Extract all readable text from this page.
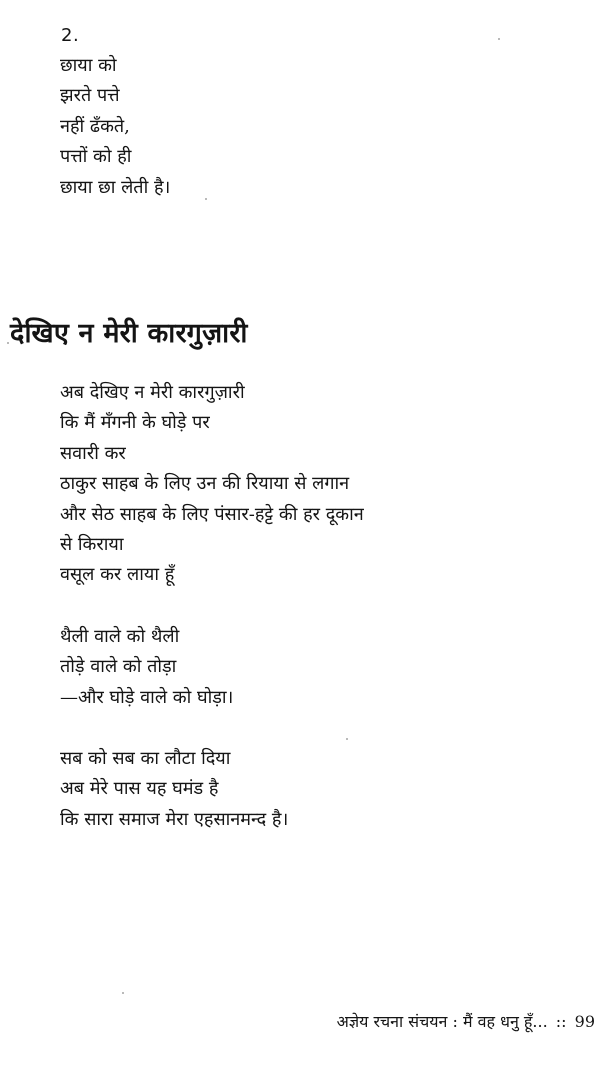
2.
छाया को
झरते पत्ते
नहीं ढँकते,
पत्तों को ही
छाया छा लेती है।
देखिए न मेरी कारगुज़ारी
अब देखिए न मेरी कारगुज़ारी
कि मैं मँगनी के घोड़े पर
सवारी कर
ठाकुर साहब के लिए उन की रियाया से लगान
और सेठ साहब के लिए पंसार-हट्टे की हर दूकान
से किराया
वसूल कर लाया हूँ
थैली वाले को थैली
तोड़े वाले को तोड़ा
—और घोड़े वाले को घोड़ा।
सब को सब का लौटा दिया
अब मेरे पास यह घमंड है
कि सारा समाज मेरा एहसानमन्द है।
अज्ञेय रचना संचयन : मैं वह धनु हूँ... :: 99
